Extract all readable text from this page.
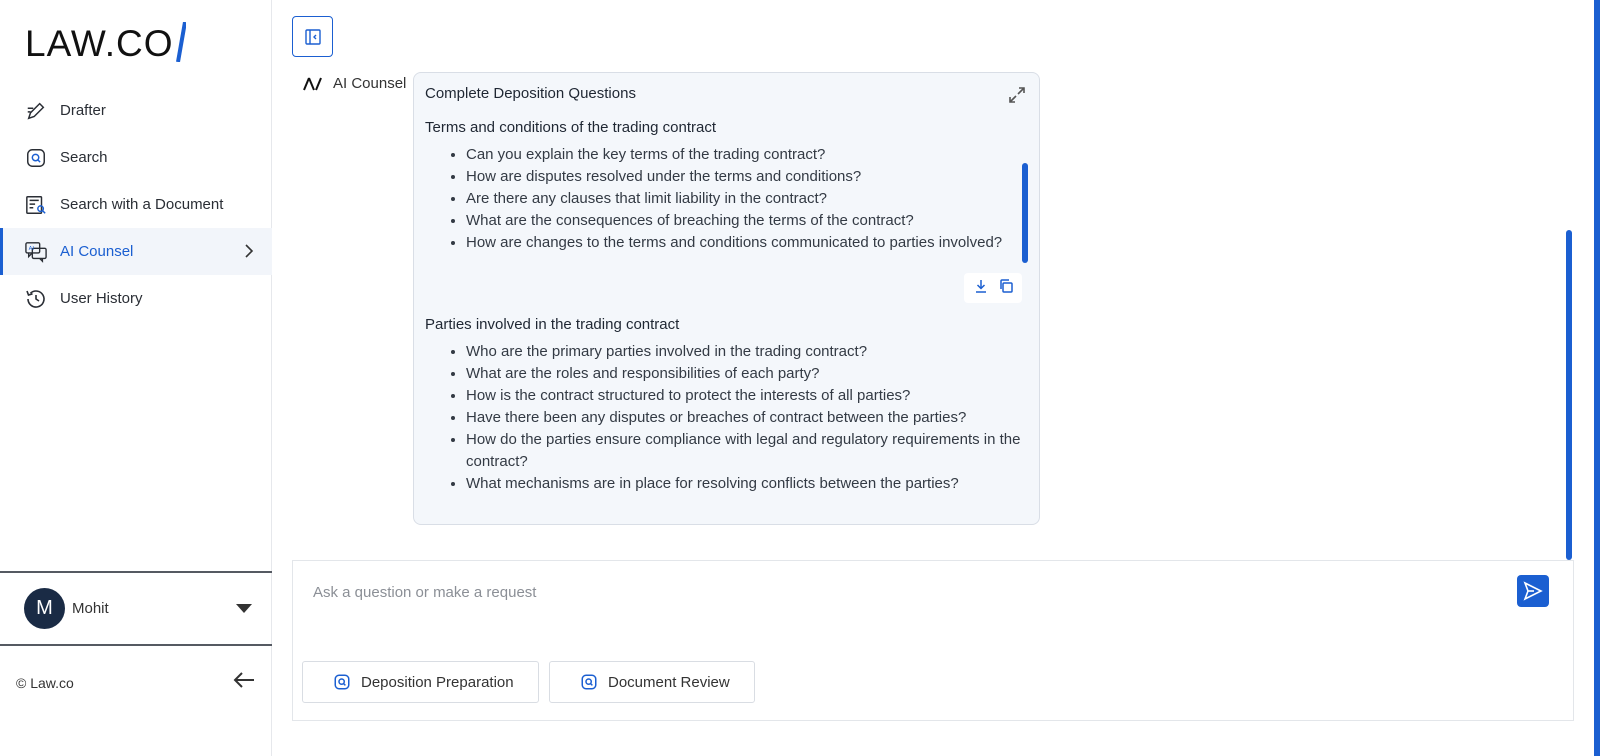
LAW.CO
Drafter
Search
Search with a Document
AI AI Counsel
User History
M	Mohit
© Law.co
AI Counsel
Complete Deposition Questions
Terms and conditions of the trading contract
• Can you explain the key terms of the trading contract?
• How are disputes resolved under the terms and conditions?
• Are there any clauses that limit liability in the contract?
• What are the consequences of breaching the terms of the contract?
• How are changes to the terms and conditions communicated to parties involved?
Parties involved in the trading contract
• Who are the primary parties involved in the trading contract?
• What are the roles and responsibilities of each party?
• How is the contract structured to protect the interests of all parties?
• Have there been any disputes or breaches of contract between the parties?
• How do the parties ensure compliance with legal and regulatory requirements in the contract?
• What mechanisms are in place for resolving conflicts between the parties?
Ask a question or make a request
Deposition Preparation	Document Review
